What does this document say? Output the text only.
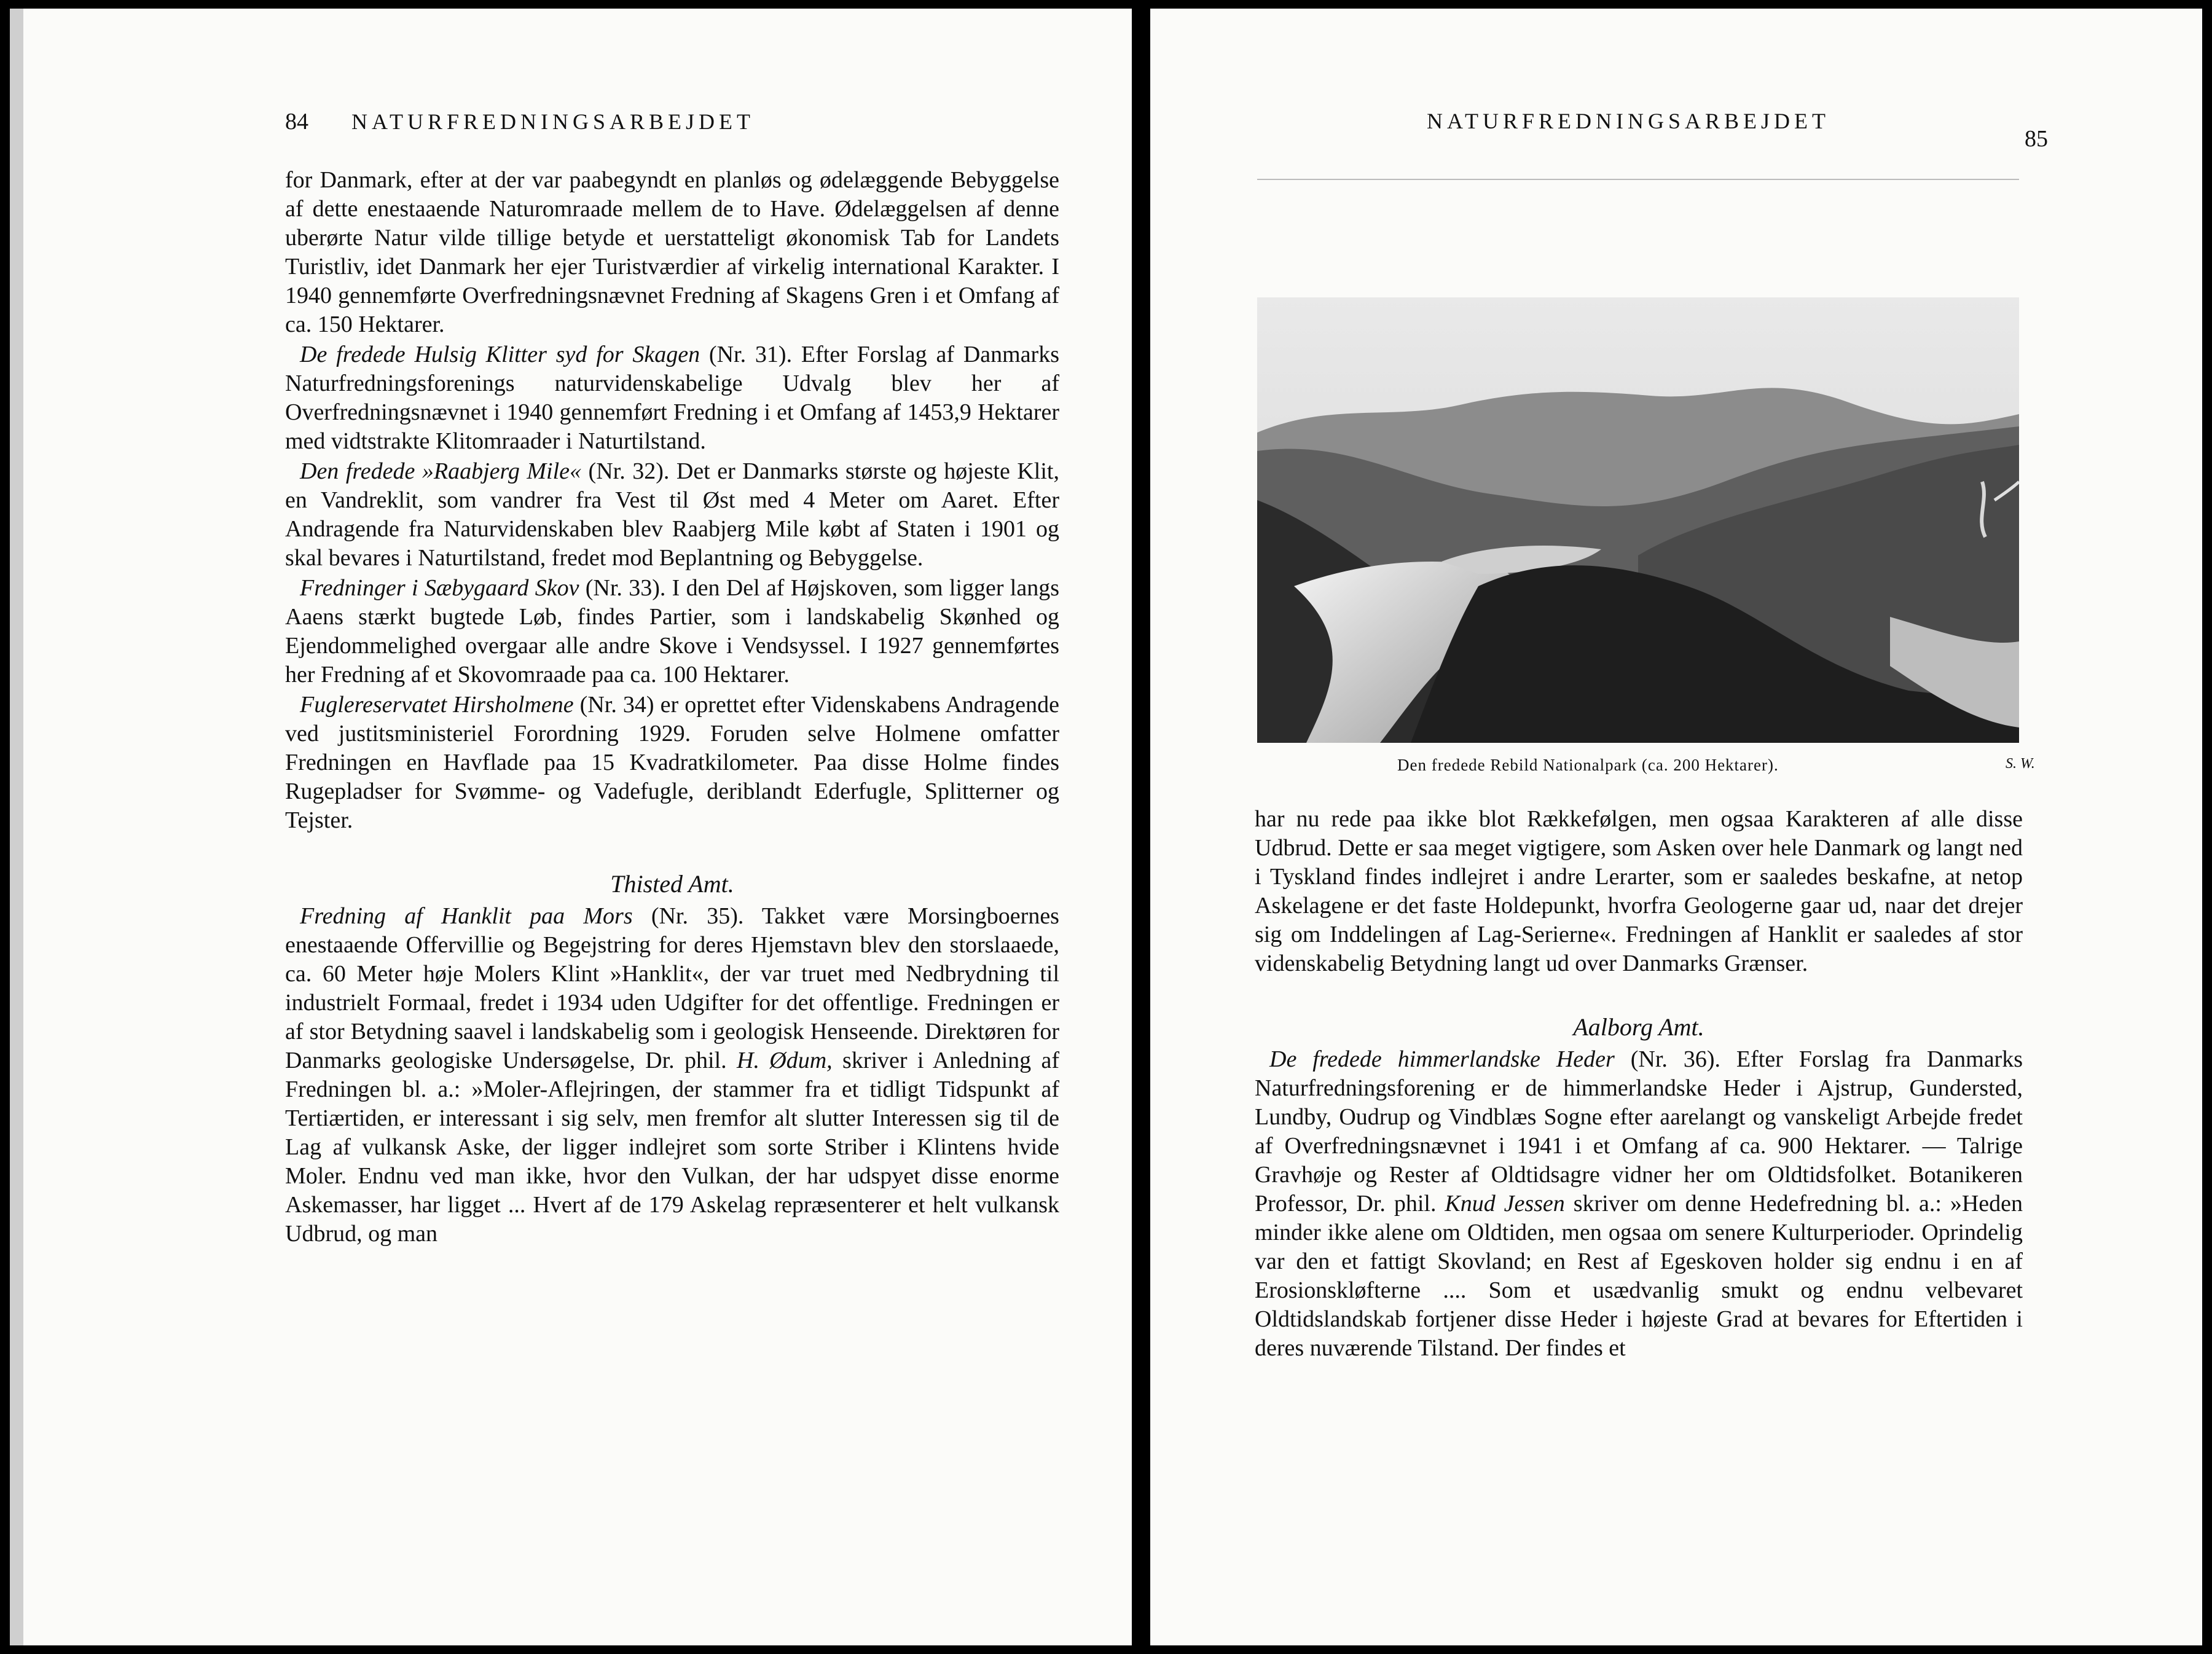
84 NATURFREDNINGSARBEJDET

for Danmark, efter at der var paabegyndt en planløs og ødelæggende Bebyggelse af dette enestaaende Naturomraade mellem de to Have. Ødelæggelsen af denne uberørte Natur vilde tillige betyde et uerstatteligt økonomisk Tab for Landets Turistliv, idet Danmark her ejer Turistværdier af virkelig international Karakter. I 1940 gennemførte Overfredningsnævnet Fredning af Skagens Gren i et Omfang af ca. 150 Hektarer.

De fredede Hulsig Klitter syd for Skagen (Nr. 31). Efter Forslag af Danmarks Naturfredningsforenings naturvidenskabelige Udvalg blev her af Overfredningsnævnet i 1940 gennemført Fredning i et Omfang af 1453,9 Hektarer med vidtstrakte Klitomraader i Naturtilstand.

Den fredede »Raabjerg Mile« (Nr. 32). Det er Danmarks største og højeste Klit, en Vandreklit, som vandrer fra Vest til Øst med 4 Meter om Aaret. Efter Andragende fra Naturvidenskaben blev Raabjerg Mile købt af Staten i 1901 og skal bevares i Naturtilstand, fredet mod Beplantning og Bebyggelse.

Fredninger i Sæbygaard Skov (Nr. 33). I den Del af Højskoven, som ligger langs Aaens stærkt bugtede Løb, findes Partier, som i landskabelig Skønhed og Ejendommelighed overgaar alle andre Skove i Vendsyssel. I 1927 gennemførtes her Fredning af et Skovomraade paa ca. 100 Hektarer.

Fuglereservatet Hirsholmene (Nr. 34) er oprettet efter Videnskabens Andragende ved justitsministeriel Forordning 1929. Foruden selve Holmene omfatter Fredningen en Havflade paa 15 Kvadratkilometer. Paa disse Holme findes Rugepladser for Svømme- og Vadefugle, deriblandt Ederfugle, Splitterner og Tejster.

Thisted Amt.

Fredning af Hanklit paa Mors (Nr. 35). Takket være Morsingboernes enestaaende Offervillie og Begejstring for deres Hjemstavn blev den storslaaede, ca. 60 Meter høje Molers Klint »Hanklit«, der var truet med Nedbrydning til industrielt Formaal, fredet i 1934 uden Udgifter for det offentlige. Fredningen er af stor Betydning saavel i landskabelig som i geologisk Henseende. Direktøren for Danmarks geologiske Undersøgelse, Dr. phil. H. Ødum, skriver i Anledning af Fredningen bl. a.: »Moler-Aflejringen, der stammer fra et tidligt Tidspunkt af Tertiærtiden, er interessant i sig selv, men fremfor alt slutter Interessen sig til de Lag af vulkansk Aske, der ligger indlejret som sorte Striber i Klintens hvide Moler. Endnu ved man ikke, hvor den Vulkan, der har udspyet disse enorme Askemasser, har ligget ... Hvert af de 179 Askelag repræsenterer et helt vulkansk Udbrud, og man

NATURFREDNINGSARBEJDET
85
Den fredede Rebild Nationalpark (ca. 200 Hektarer).	S. W.

har nu rede paa ikke blot Rækkefølgen, men ogsaa Karakteren af alle disse Udbrud. Dette er saa meget vigtigere, som Asken over hele Danmark og langt ned i Tyskland findes indlejret i andre Lerarter, som er saaledes beskafne, at netop Askelagene er det faste Holdepunkt, hvorfra Geologerne gaar ud, naar det drejer sig om Inddelingen af Lag-Serierne«. Fredningen af Hanklit er saaledes af stor videnskabelig Betydning langt ud over Danmarks Grænser.

Aalborg Amt.

De fredede himmerlandske Heder (Nr. 36). Efter Forslag fra Danmarks Naturfredningsforening er de himmerlandske Heder i Ajstrup, Gundersted, Lundby, Oudrup og Vindblæs Sogne efter aarelangt og vanskeligt Arbejde fredet af Overfredningsnævnet i 1941 i et Omfang af ca. 900 Hektarer. — Talrige Gravhøje og Rester af Oldtidsagre vidner her om Oldtidsfolket. Botanikeren Professor, Dr. phil. Knud Jessen skriver om denne Hedefredning bl. a.: »Heden minder ikke alene om Oldtiden, men ogsaa om senere Kulturperioder. Oprindelig var den et fattigt Skovland; en Rest af Egeskoven holder sig endnu i en af Erosionskløfterne .... Som et usædvanlig smukt og endnu velbevaret Oldtidslandskab fortjener disse Heder i højeste Grad at bevares for Eftertiden i deres nuværende Tilstand. Der findes et
